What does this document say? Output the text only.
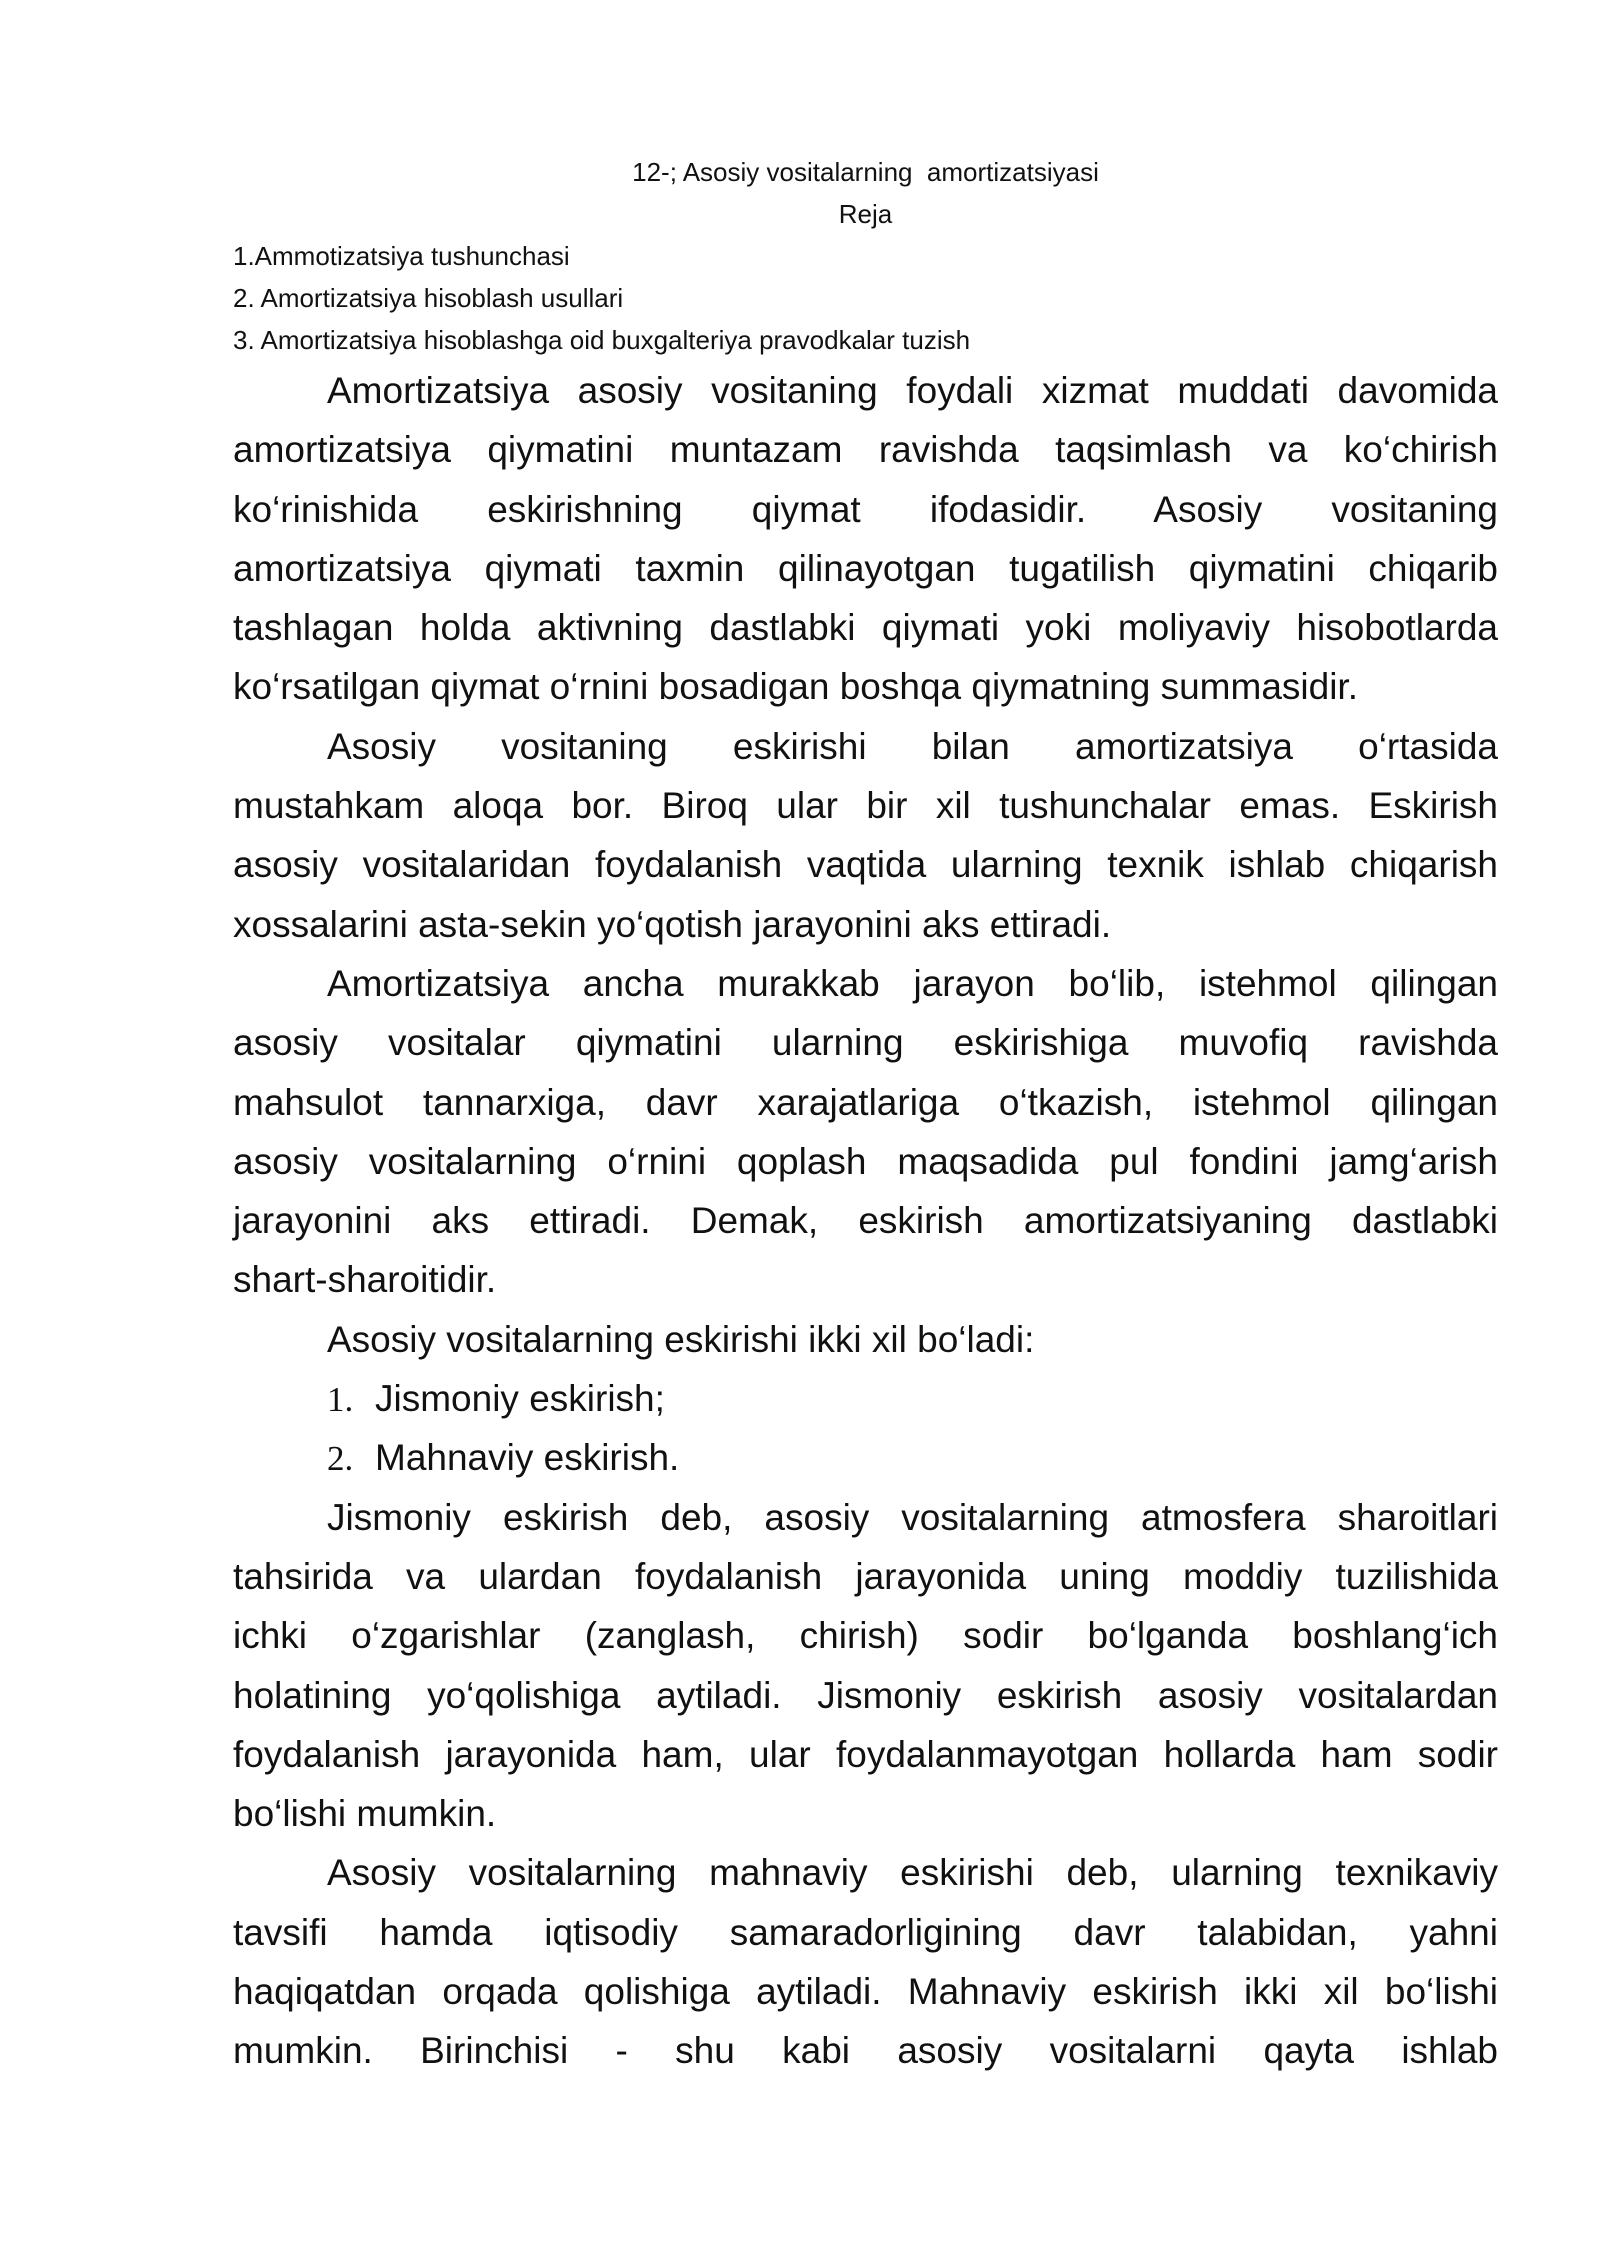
12-; Asosiy vositalarning  amortizatsiyasi
Reja
1.Ammotizatsiya tushunchasi
2. Amortizatsiya hisoblash usullari
3. Amortizatsiya hisoblashga oid buxgalteriya pravodkalar tuzish
Amortizatsiya asosiy vositaning foydali xizmat muddati davomida
amortizatsiya qiymatini muntazam ravishda taqsimlash va ko‘chirish
ko‘rinishida eskirishning qiymat ifodasidir. Asosiy vositaning
amortizatsiya qiymati taxmin qilinayotgan tugatilish qiymatini chiqarib
tashlagan holda aktivning dastlabki qiymati yoki moliyaviy hisobotlarda
ko‘rsatilgan qiymat o‘rnini bosadigan boshqa qiymatning summasidir.
Asosiy vositaning eskirishi bilan amortizatsiya o‘rtasida
mustahkam aloqa bor. Biroq ular bir xil tushunchalar emas. Eskirish
asosiy vositalaridan foydalanish vaqtida ularning texnik ishlab chiqarish
xossalarini asta-sekin yo‘qotish jarayonini aks ettiradi.
Amortizatsiya ancha murakkab jarayon bo‘lib, istehmol qilingan
asosiy vositalar qiymatini ularning eskirishiga muvofiq ravishda
mahsulot tannarxiga, davr xarajatlariga o‘tkazish, istehmol qilingan
asosiy vositalarning o‘rnini qoplash maqsadida pul fondini jamg‘arish
jarayonini aks ettiradi. Demak, eskirish amortizatsiyaning dastlabki
shart-sharoitidir.
Asosiy vositalarning eskirishi ikki xil bo‘ladi:
1. Jismoniy eskirish;
2. Mahnaviy eskirish.
Jismoniy eskirish deb, asosiy vositalarning atmosfera sharoitlari
tahsirida va ulardan foydalanish jarayonida uning moddiy tuzilishida
ichki o‘zgarishlar (zanglash, chirish) sodir bo‘lganda boshlang‘ich
holatining yo‘qolishiga aytiladi. Jismoniy eskirish asosiy vositalardan
foydalanish jarayonida ham, ular foydalanmayotgan hollarda ham sodir
bo‘lishi mumkin.
Asosiy vositalarning mahnaviy eskirishi deb, ularning texnikaviy
tavsifi hamda iqtisodiy samaradorligining davr talabidan, yahni
haqiqatdan orqada qolishiga aytiladi. Mahnaviy eskirish ikki xil bo‘lishi
mumkin. Birinchisi - shu kabi asosiy vositalarni qayta ishlab
